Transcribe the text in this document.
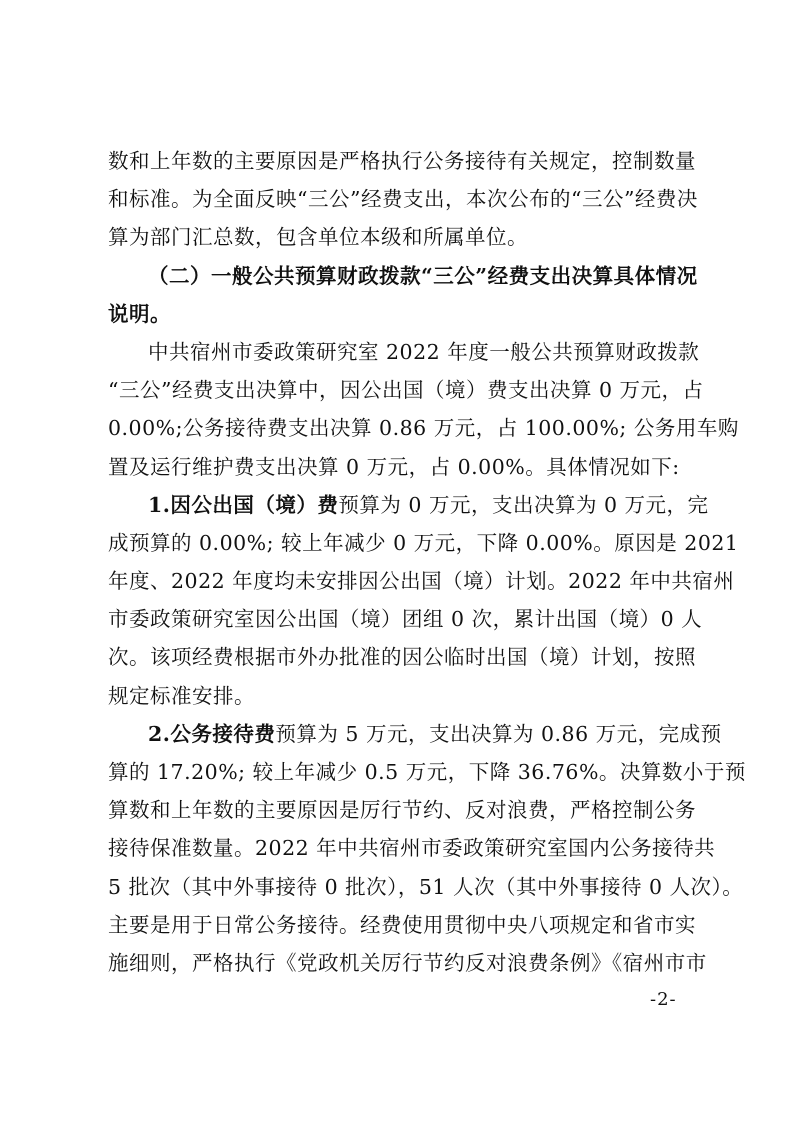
数和上年数的主要原因是严格执行公务接待有关规定，控制数量
和标准。为全面反映“三公”经费支出，本次公布的“三公”经费决
算为部门汇总数，包含单位本级和所属单位。
（二）一般公共预算财政拨款“三公”经费支出决算具体情况
说明。
中共宿州市委政策研究室 2022 年度一般公共预算财政拨款
“三公”经费支出决算中，因公出国（境）费支出决算 0 万元，占
0.00%;公务接待费支出决算 0.86 万元，占 100.00%; 公务用车购
置及运行维护费支出决算 0 万元，占 0.00%。具体情况如下:
1.因公出国（境）费预算为 0 万元，支出决算为 0 万元，完
成预算的 0.00%; 较上年减少 0 万元，下降 0.00%。原因是 2021
年度、2022 年度均未安排因公出国（境）计划。2022 年中共宿州
市委政策研究室因公出国（境）团组 0 次，累计出国（境）0 人
次。该项经费根据市外办批准的因公临时出国（境）计划，按照
规定标准安排。
2.公务接待费预算为 5 万元，支出决算为 0.86 万元，完成预
算的 17.20%; 较上年减少 0.5 万元，下降 36.76%。决算数小于预
算数和上年数的主要原因是厉行节约、反对浪费，严格控制公务
接待保准数量。2022 年中共宿州市委政策研究室国内公务接待共
5 批次（其中外事接待 0 批次），51 人次（其中外事接待 0 人次）。
主要是用于日常公务接待。经费使用贯彻中央八项规定和省市实
施细则，严格执行《党政机关厉行节约反对浪费条例》《宿州市市
-2-
